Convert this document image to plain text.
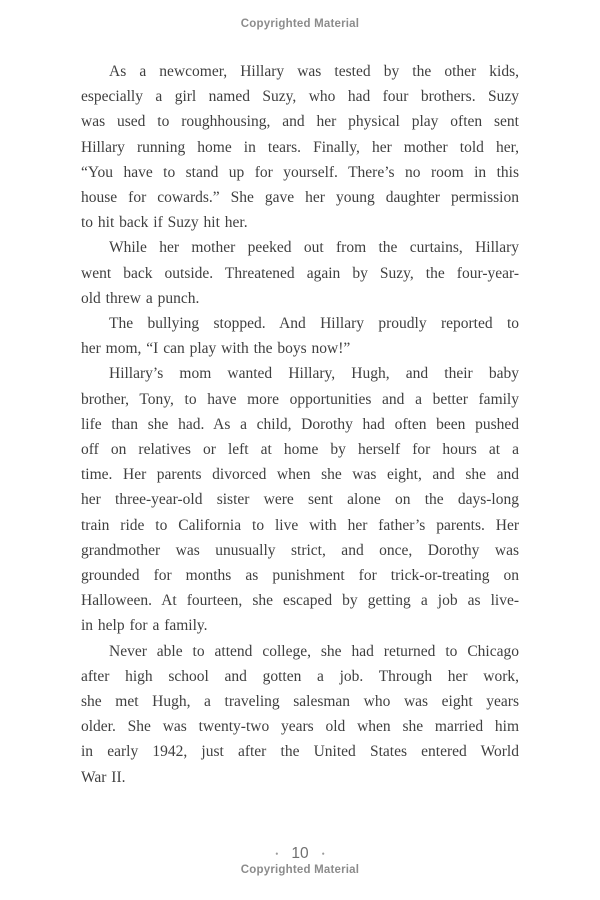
Copyrighted Material
As a newcomer, Hillary was tested by the other kids,
especially a girl named Suzy, who had four brothers. Suzy
was used to roughhousing, and her physical play often sent
Hillary running home in tears. Finally, her mother told her,
“You have to stand up for yourself. There’s no room in this
house for cowards.” She gave her young daughter permission
to hit back if Suzy hit her.
While her mother peeked out from the curtains, Hillary
went back outside. Threatened again by Suzy, the four-year-
old threw a punch.
The bullying stopped. And Hillary proudly reported to
her mom, “I can play with the boys now!”
Hillary’s mom wanted Hillary, Hugh, and their baby
brother, Tony, to have more opportunities and a better family
life than she had. As a child, Dorothy had often been pushed
off on relatives or left at home by herself for hours at a
time. Her parents divorced when she was eight, and she and
her three-year-old sister were sent alone on the days-long
train ride to California to live with her father’s parents. Her
grandmother was unusually strict, and once, Dorothy was
grounded for months as punishment for trick-or-treating on
Halloween. At fourteen, she escaped by getting a job as live-
in help for a family.
Never able to attend college, she had returned to Chicago
after high school and gotten a job. Through her work,
she met Hugh, a traveling salesman who was eight years
older. She was twenty-two years old when she married him
in early 1942, just after the United States entered World
War II.
• 10 •
Copyrighted Material
